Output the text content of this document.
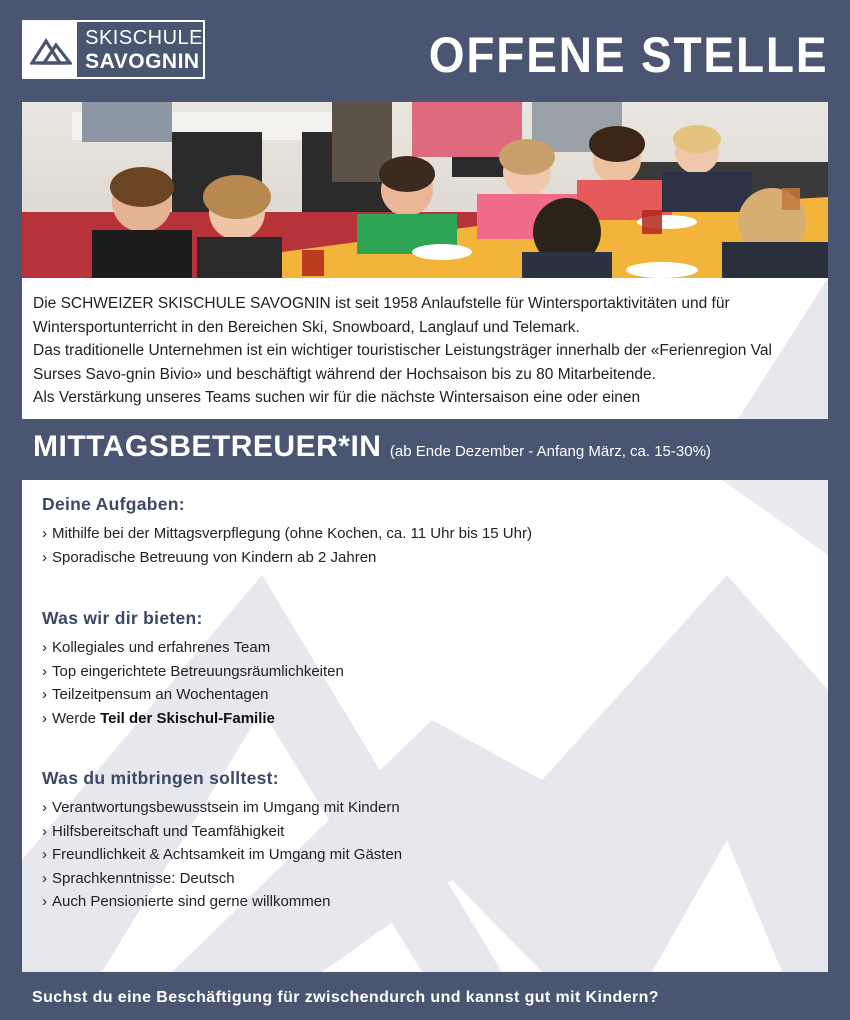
SKISCHULE
SAVOGNIN	OFFENE STELLE

Die SCHWEIZER SKISCHULE SAVOGNIN ist seit 1958 Anlaufstelle für Wintersportaktivitäten und für Wintersportunterricht in den Bereichen Ski, Snowboard, Langlauf und Telemark.

Das traditionelle Unternehmen ist ein wichtiger touristischer Leistungsträger innerhalb der «Ferienregion Val Surses Savo-gnin Bivio» und beschäftigt während der Hochsaison bis zu 80 Mitarbeitende.

Als Verstärkung unseres Teams suchen wir für die nächste Wintersaison eine oder einen

MITTAGSBETREUER*IN (ab Ende Dezember - Anfang März, ca. 15-30%)
Deine Aufgaben:
› Mithilfe bei der Mittagsverpflegung (ohne Kochen, ca. 11 Uhr bis 15 Uhr)
› Sporadische Betreuung von Kindern ab 2 Jahren
Was wir dir bieten:
› Kollegiales und erfahrenes Team
› Top eingerichtete Betreuungsräumlichkeiten
› Teilzeitpensum an Wochentagen
› Werde Teil der Skischul-Familie
Was du mitbringen solltest:
› Verantwortungsbewusstsein im Umgang mit Kindern
› Hilfsbereitschaft und Teamfähigkeit
› Freundlichkeit & Achtsamkeit im Umgang mit Gästen
› Sprachkenntnisse: Deutsch
› Auch Pensionierte sind gerne willkommen
Suchst du eine Beschäftigung für zwischendurch und kannst gut mit Kindern?
